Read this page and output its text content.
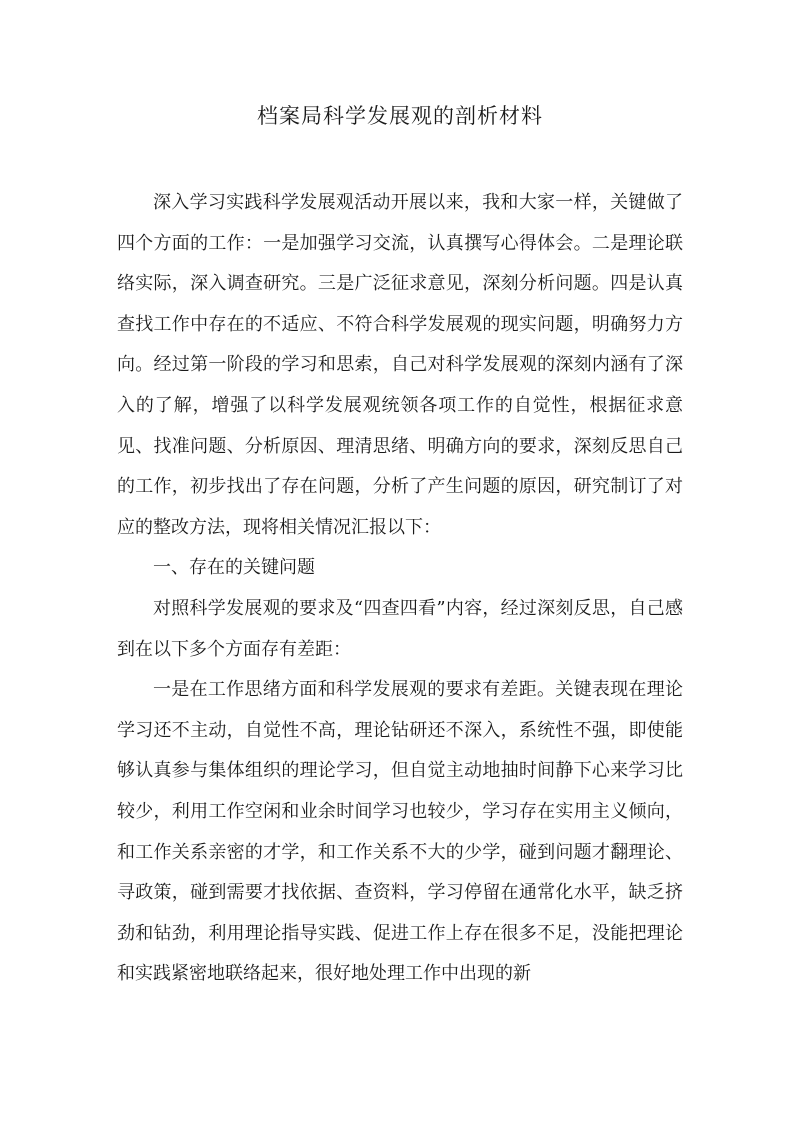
档案局科学发展观的剖析材料

深入学习实践科学发展观活动开展以来，我和大家一样，关键做了四个方面的工作：一是加强学习交流，认真撰写心得体会。二是理论联络实际，深入调查研究。三是广泛征求意见，深刻分析问题。四是认真查找工作中存在的不适应、不符合科学发展观的现实问题，明确努力方向。经过第一阶段的学习和思索，自己对科学发展观的深刻内涵有了深入的了解，增强了以科学发展观统领各项工作的自觉性，根据征求意见、找准问题、分析原因、理清思绪、明确方向的要求，深刻反思自己的工作，初步找出了存在问题，分析了产生问题的原因，研究制订了对应的整改方法，现将相关情况汇报以下：

一、存在的关键问题

对照科学发展观的要求及“四查四看”内容，经过深刻反思，自己感到在以下多个方面存有差距：

一是在工作思绪方面和科学发展观的要求有差距。关键表现在理论学习还不主动，自觉性不高，理论钻研还不深入，系统性不强，即使能够认真参与集体组织的理论学习，但自觉主动地抽时间静下心来学习比较少，利用工作空闲和业余时间学习也较少，学习存在实用主义倾向，和工作关系亲密的才学，和工作关系不大的少学，碰到问题才翻理论、寻政策，碰到需要才找依据、查资料，学习停留在通常化水平，缺乏挤劲和钻劲，利用理论指导实践、促进工作上存在很多不足，没能把理论和实践紧密地联络起来，很好地处理工作中出现的新
